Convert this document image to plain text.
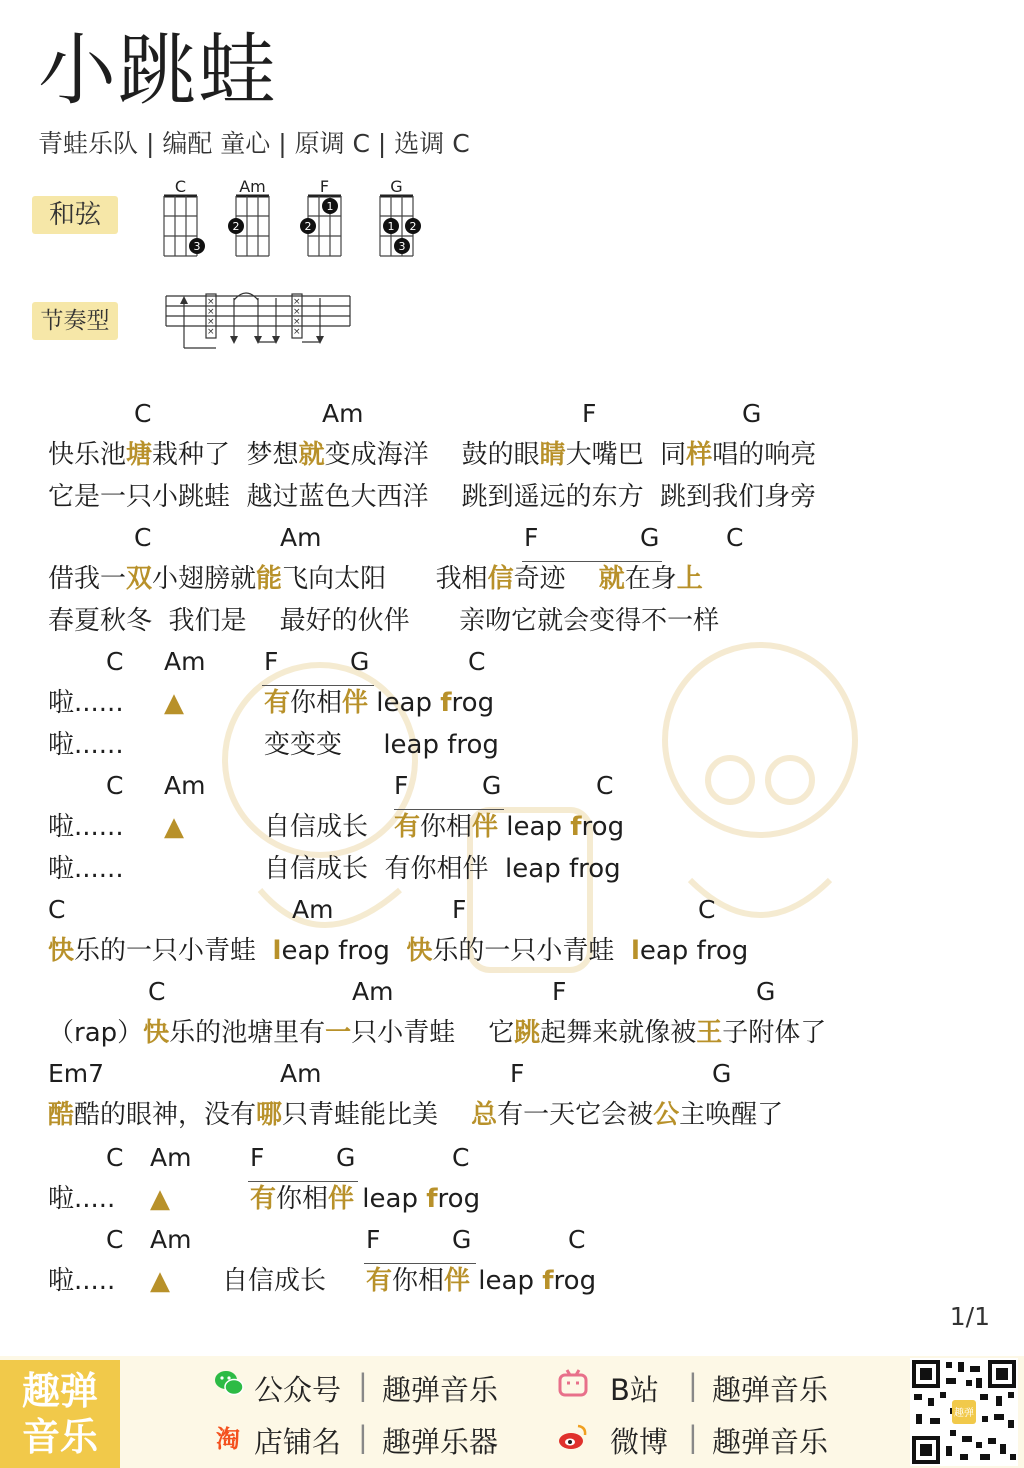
小跳蛙
青蛙乐队 | 编配 童心 | 原调 C | 选调 C
和弦
节奏型
C
3
Am
2
F
1
2
G
1 2
3
×
×
×
×
×
×
×
×
C	Am	F	G
快乐池塘栽种了  梦想就变成海洋    鼓的眼睛大嘴巴  同样唱的响亮
它是一只小跳蛙  越过蓝色大西洋    跳到遥远的东方  跳到我们身旁
C	Am	F	G	C
借我一双小翅膀就能飞向太阳      我相信奇迹    就在身上
春夏秋冬  我们是    最好的伙伴      亲吻它就会变得不一样
C Am F	G	C
啦...... ▲	有你相伴 leap frog
啦......	变变变     leap frog
C Am	F	G	C
啦...... ▲	自信成长 有你相伴 leap frog
啦......	自信成长  有你相伴  leap frog
C	Am	F	C
快乐的一只小青蛙  leap frog  快乐的一只小青蛙  leap frog
C	Am	F	G
（rap）快乐的池塘里有一只小青蛙    它跳起舞来就像被王子附体了
Em7	Am	F	G
酷酷的眼神，没有哪只青蛙能比美    总有一天它会被公主唤醒了
C Am F	G	C
啦..... ▲	有你相伴 leap frog
C Am	F	G	C
啦..... ▲ 自信成长 有你相伴 leap frog
1/1
趣弹
音乐
公众号 | 趣弹音乐	B站 | 趣弹音乐
淘 店铺名 | 趣弹乐器	微博 | 趣弹音乐
趣弹
